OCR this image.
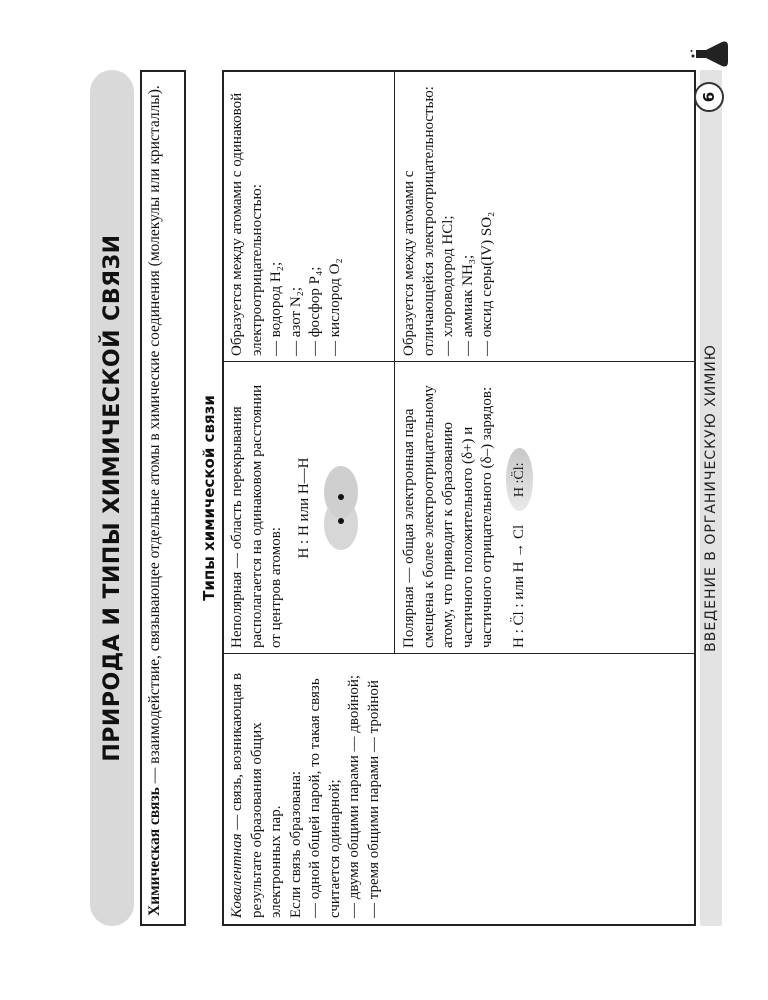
ПРИРОДА И ТИПЫ ХИМИЧЕСКОЙ СВЯЗИ
Химическая связь — взаимодействие, связывающее отдельные атомы в химические соединения (молекулы или кристаллы).	Типы химической связи

Ковалентная — связь, возникающая в результате образования общих электронных пар. Если связь образована: — одной общей парой, то такая связь считается одинарной; — двумя общими парами — двойной; — тремя общими парами — тройной

Неполярная — область перекрывания располагается на одинаковом расстоянии от центров атомов:

H : H или H—H

Образуется между атомами с одинаковой электроотрицательностью: — водород H₂; — азот N₂; — фосфор P₄; — кислород O₂

Полярная — общая электронная пара смещена к более электроотрицательному атому, что приводит к образованию частичного положительного (δ+) и частичного отрицательного (δ–) зарядов:	H : C̈l : или H → Cl H :C̈l:

Образуется между атомами с отличающейся электроотрицательностью: — хлороводород HCl; — аммиак NH₃; — оксид серы(IV) SO₂

ВВЕДЕНИЕ В ОРГАНИЧЕСКУЮ ХИМИЮ
6
